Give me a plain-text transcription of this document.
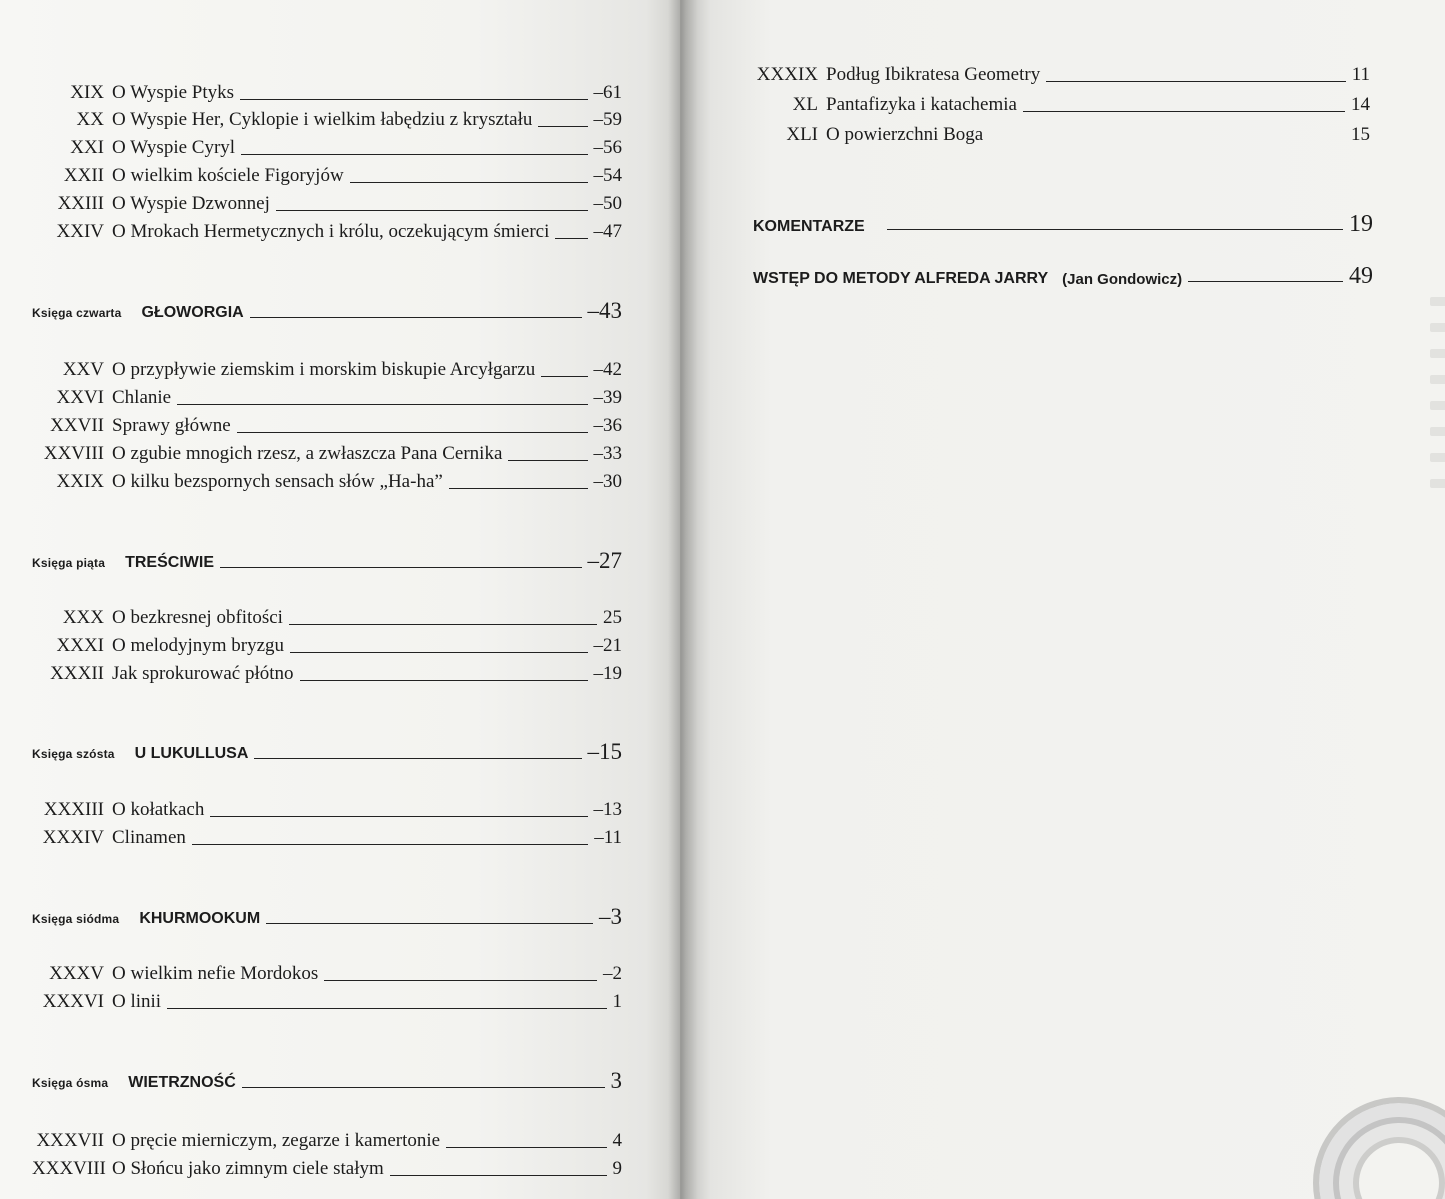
XIX O Wyspie Ptyks	–61
XX O Wyspie Her, Cyklopie i wielkim łabędziu z kryształu	–59
XXI O Wyspie Cyryl	–56
XXII O wielkim kościele Figoryjów	–54
XXIII O Wyspie Dzwonnej	–50
XXIV O Mrokach Hermetycznych i królu, oczekującym śmierci –47
Księga czwarta GŁOWORGIA	–43
XXV O przypływie ziemskim i morskim biskupie Arcyłgarzu	–42
XXVI Chlanie	–39
XXVII Sprawy główne	–36
XXVIII O zgubie mnogich rzesz, a zwłaszcza Pana Cernika	–33
XXIX O kilku bezspornych sensach słów „Ha-ha”	–30
Księga piąta TREŚCIWIE	–27
XXX O bezkresnej obfitości	25
XXXI O melodyjnym bryzgu	–21
XXXII Jak sprokurować płótno	–19
Księga szósta U LUKULLUSA	–15
XXXIII O kołatkach	–13
XXXIV Clinamen	–11
Księga siódma KHURMOOKUM	–3
XXXV O wielkim nefie Mordokos	–2
XXXVI O linii	1
Księga ósma WIETRZNOŚĆ	3
XXXVII O pręcie mierniczym, zegarze i kamertonie	4
XXXVIII O Słońcu jako zimnym ciele stałym	9
XXXIX Podług Ibikratesa Geometry	11
XL Pantafizyka i katachemia	14
XLI O powierzchni Boga	15
KOMENTARZE	19
WSTĘP DO METODY ALFREDA JARRY (Jan Gondowicz)	49
